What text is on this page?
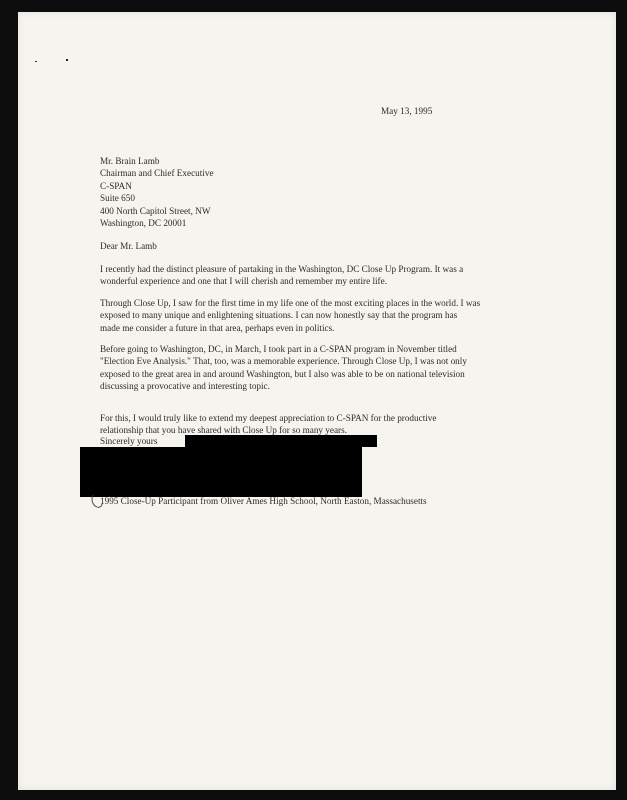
May 13, 1995
Mr. Brain Lamb
Chairman and Chief Executive
C-SPAN
Suite 650
400 North Capitol Street, NW
Washington, DC 20001
Dear Mr. Lamb
I recently had the distinct pleasure of partaking in the Washington, DC Close Up Program. It was a
wonderful experience and one that I will cherish and remember my entire life.
Through Close Up, I saw for the first time in my life one of the most exciting places in the world. I was
exposed to many unique and enlightening situations. I can now honestly say that the program has
made me consider a future in that area, perhaps even in politics.
Before going to Washington, DC, in March, I took part in a C-SPAN program in November titled
"Election Eve Analysis." That, too, was a memorable experience. Through Close Up, I was not only
exposed to the great area in and around Washington, but I also was able to be on national television
discussing a provocative and interesting topic.
For this, I would truly like to extend my deepest appreciation to C-SPAN for the productive
relationship that you have shared with Close Up for so many years.
Sincerely yours
1995 Close-Up Participant from Oliver Ames High School, North Easton, Massachusetts
